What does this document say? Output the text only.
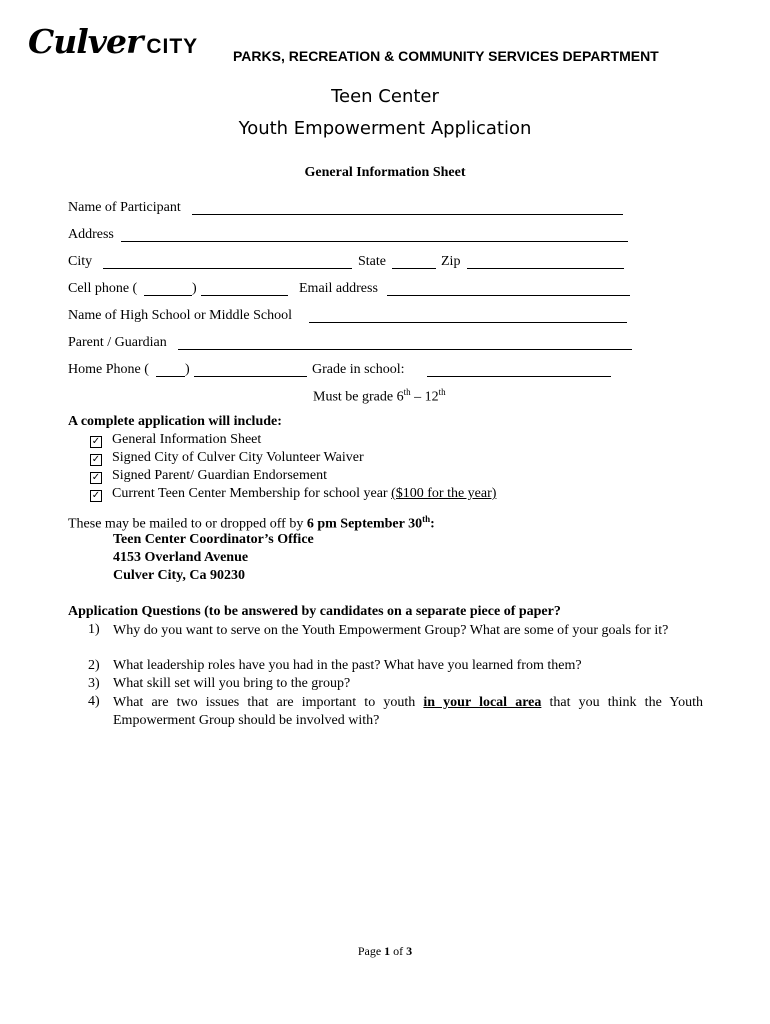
Culver CITY PARKS, RECREATION & COMMUNITY SERVICES DEPARTMENT
Teen Center
Youth Empowerment Application
General Information Sheet
Name of Participant
Address
City	State	Zip
Cell phone (	)	Email address
Name of High School or Middle School
Parent / Guardian
Home Phone (	)	Grade in school:
Must be grade 6th – 12th
A complete application will include:
✓ General Information Sheet
✓ Signed City of Culver City Volunteer Waiver
✓ Signed Parent/ Guardian Endorsement
✓ Current Teen Center Membership for school year ($100 for the year)
These may be mailed to or dropped off by 6 pm September 30th:
Teen Center Coordinator’s Office
4153 Overland Avenue
Culver City, Ca 90230
Application Questions (to be answered by candidates on a separate piece of paper?
1) Why do you want to serve on the Youth Empowerment Group? What are some of your goals for it?
2) What leadership roles have you had in the past? What have you learned from them?
3) What skill set will you bring to the group?
4) What are two issues that are important to youth in your local area that you think the Youth Empowerment Group should be involved with?
Page 1 of 3
